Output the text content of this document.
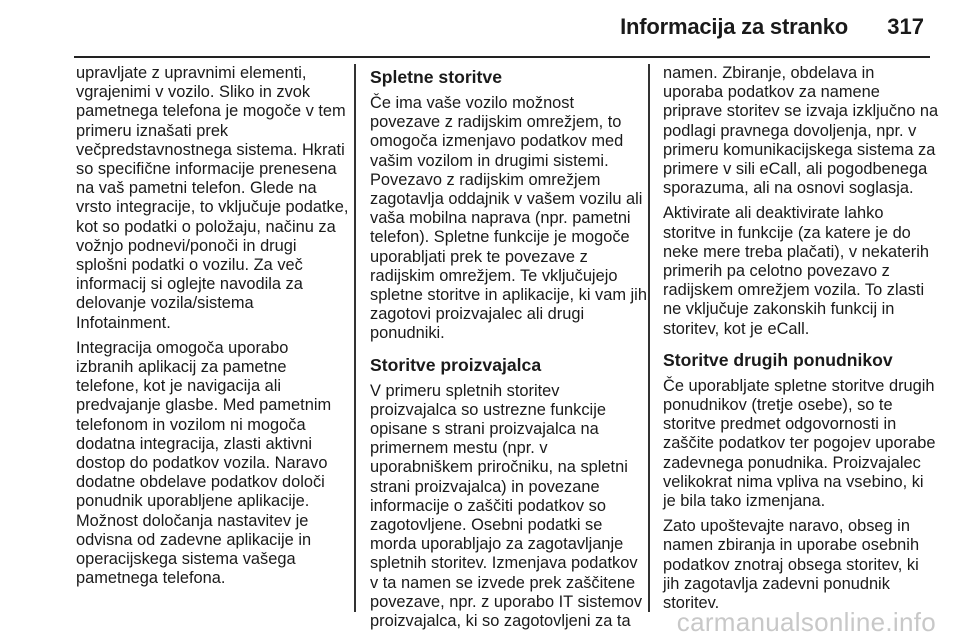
Informacija za stranko 317
upravljate z upravnimi elementi,
vgrajenimi v vozilo. Sliko in zvok
pametnega telefona je mogoče v tem
primeru iznašati prek
večpredstavnostnega sistema. Hkrati
so specifične informacije prenesena
na vaš pametni telefon. Glede na
vrsto integracije, to vključuje podatke,
kot so podatki o položaju, načinu za
vožnjo podnevi/ponoči in drugi
splošni podatki o vozilu. Za več
informacij si oglejte navodila za
delovanje vozila/sistema
Infotainment.
Integracija omogoča uporabo
izbranih aplikacij za pametne
telefone, kot je navigacija ali
predvajanje glasbe. Med pametnim
telefonom in vozilom ni mogoča
dodatna integracija, zlasti aktivni
dostop do podatkov vozila. Naravo
dodatne obdelave podatkov določi
ponudnik uporabljene aplikacije.
Možnost določanja nastavitev je
odvisna od zadevne aplikacije in
operacijskega sistema vašega
pametnega telefona.
Spletne storitve
Če ima vaše vozilo možnost
povezave z radijskim omrežjem, to
omogoča izmenjavo podatkov med
vašim vozilom in drugimi sistemi.
Povezavo z radijskim omrežjem
zagotavlja oddajnik v vašem vozilu ali
vaša mobilna naprava (npr. pametni
telefon). Spletne funkcije je mogoče
uporabljati prek te povezave z
radijskim omrežjem. Te vključujejo
spletne storitve in aplikacije, ki vam jih
zagotovi proizvajalec ali drugi
ponudniki.
Storitve proizvajalca
V primeru spletnih storitev
proizvajalca so ustrezne funkcije
opisane s strani proizvajalca na
primernem mestu (npr. v
uporabniškem priročniku, na spletni
strani proizvajalca) in povezane
informacije o zaščiti podatkov so
zagotovljene. Osebni podatki se
morda uporabljajo za zagotavljanje
spletnih storitev. Izmenjava podatkov
v ta namen se izvede prek zaščitene
povezave, npr. z uporabo IT sistemov
proizvajalca, ki so zagotovljeni za ta
namen. Zbiranje, obdelava in
uporaba podatkov za namene
priprave storitev se izvaja izključno na
podlagi pravnega dovoljenja, npr. v
primeru komunikacijskega sistema za
primere v sili eCall, ali pogodbenega
sporazuma, ali na osnovi soglasja.
Aktivirate ali deaktivirate lahko
storitve in funkcije (za katere je do
neke mere treba plačati), v nekaterih
primerih pa celotno povezavo z
radijskem omrežjem vozila. To zlasti
ne vključuje zakonskih funkcij in
storitev, kot je eCall.
Storitve drugih ponudnikov
Če uporabljate spletne storitve drugih
ponudnikov (tretje osebe), so te
storitve predmet odgovornosti in
zaščite podatkov ter pogojev uporabe
zadevnega ponudnika. Proizvajalec
velikokrat nima vpliva na vsebino, ki
je bila tako izmenjana.
Zato upoštevajte naravo, obseg in
namen zbiranja in uporabe osebnih
podatkov znotraj obsega storitev, ki
jih zagotavlja zadevni ponudnik
storitev.
carmanualsonline.info
